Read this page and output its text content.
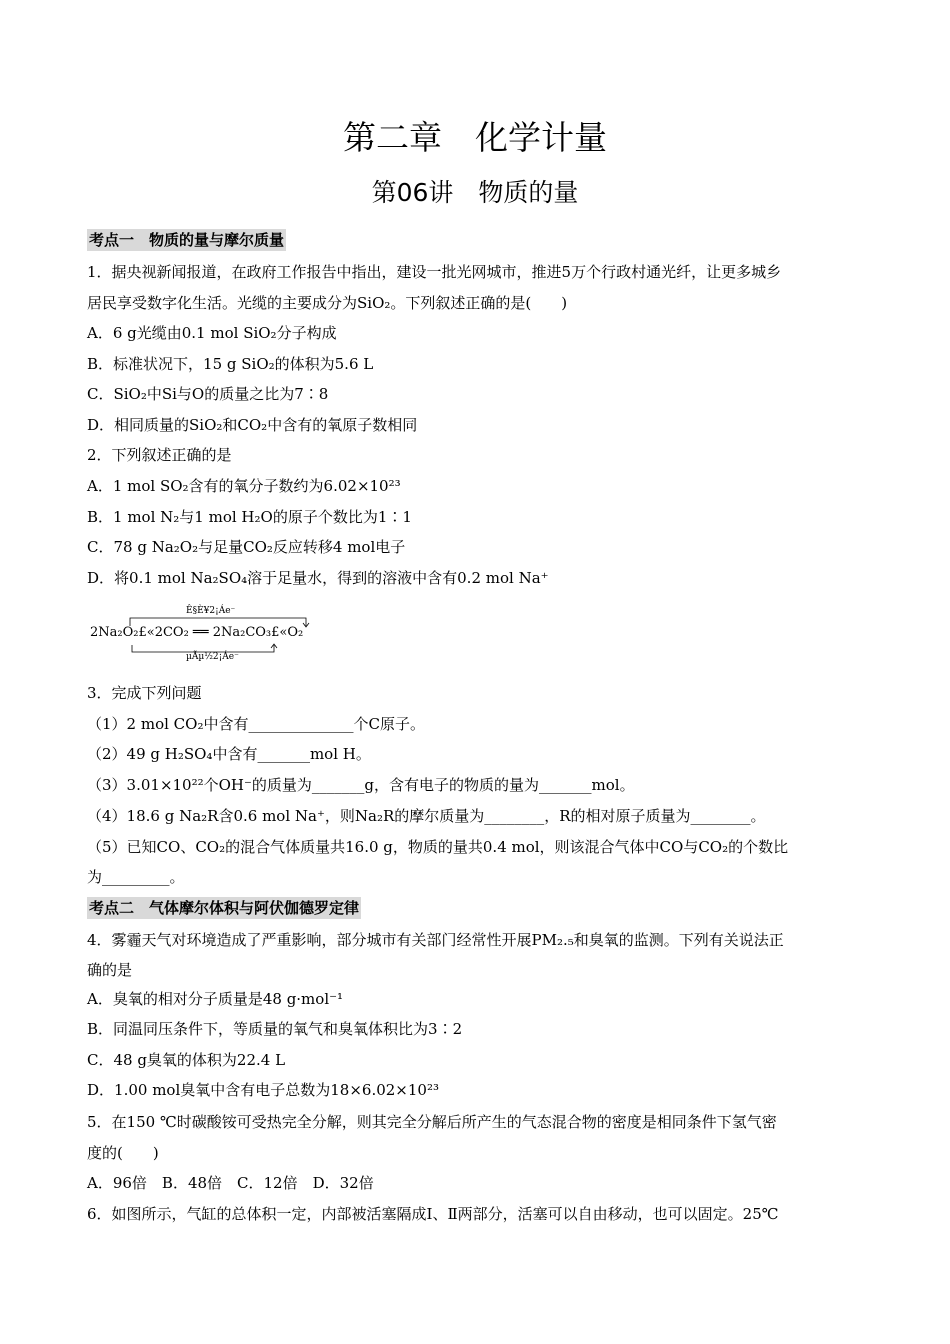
第二章　化学计量
第06讲　物质的量
考点一　物质的量与摩尔质量
1．据央视新闻报道，在政府工作报告中指出，建设一批光网城市，推进5万个行政村通光纤，让更多城乡
居民享受数字化生活。光缆的主要成分为SiO₂。下列叙述正确的是(　　)
A．6 g光缆由0.1 mol SiO₂分子构成
B．标准状况下，15 g SiO₂的体积为5.6 L
C．SiO₂中Si与O的质量之比为7∶8
D．相同质量的SiO₂和CO₂中含有的氧原子数相同
2．下列叙述正确的是
A．1 mol SO₂含有的氧分子数约为6.02×10²³
B．1 mol N₂与1 mol H₂O的原子个数比为1∶1
C．78 g Na₂O₂与足量CO₂反应转移4 mol电子
D．将0.1 mol Na₂SO₄溶于足量水，得到的溶液中含有0.2 mol Na⁺
Ê§È¥2¡Áe⁻
2Na₂O₂£«2CO₂ ══ 2Na₂CO₃£«O₂
µÃµ½2¡Áe⁻
3．完成下列问题
（1）2 mol CO₂中含有______________个C原子。
（2）49 g H₂SO₄中含有_______mol H。
（3）3.01×10²²个OH⁻的质量为_______g，含有电子的物质的量为_______mol。
（4）18.6 g Na₂R含0.6 mol Na⁺，则Na₂R的摩尔质量为________，R的相对原子质量为________。
（5）已知CO、CO₂的混合气体质量共16.0 g，物质的量共0.4 mol，则该混合气体中CO与CO₂的个数比
为_________。
考点二　气体摩尔体积与阿伏伽德罗定律
4．雾霾天气对环境造成了严重影响，部分城市有关部门经常性开展PM₂.₅和臭氧的监测。下列有关说法正
确的是
A．臭氧的相对分子质量是48 g·mol⁻¹
B．同温同压条件下，等质量的氧气和臭氧体积比为3∶2
C．48 g臭氧的体积为22.4 L
D．1.00 mol臭氧中含有电子总数为18×6.02×10²³
5．在150 ℃时碳酸铵可受热完全分解，则其完全分解后所产生的气态混合物的密度是相同条件下氢气密
度的(　　)
A．96倍　B．48倍　C．12倍　D．32倍
6．如图所示，气缸的总体积一定，内部被活塞隔成Ⅰ、Ⅱ两部分，活塞可以自由移动，也可以固定。25℃
